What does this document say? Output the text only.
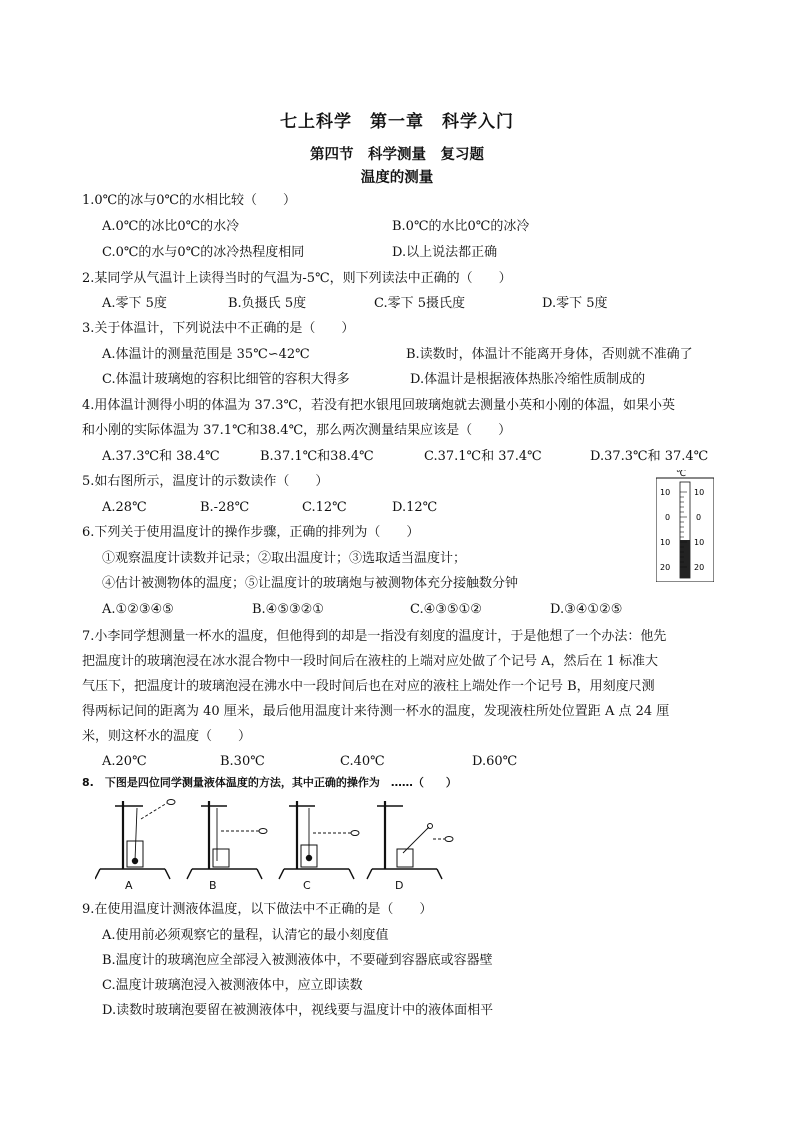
七上科学　第一章　科学入门
第四节　科学测量　复习题
温度的测量
1.0℃的冰与0℃的水相比较（　　）
A.0℃的冰比0℃的水冷	B.0℃的水比0℃的冰冷
C.0℃的水与0℃的冰冷热程度相同	D.以上说法都正确
2.某同学从气温计上读得当时的气温为-5℃，则下列读法中正确的（　　）
A.零下 5度	B.负摄氏 5度	C.零下 5摄氏度	D.零下 5度
3.关于体温计，下列说法中不正确的是（　　）
A.体温计的测量范围是 35℃∽42℃	B.读数时，体温计不能离开身体，否则就不准确了
C.体温计玻璃炮的容积比细管的容积大得多	D.体温计是根据液体热胀冷缩性质制成的
4.用体温计测得小明的体温为 37.3℃，若没有把水银甩回玻璃炮就去测量小英和小刚的体温，如果小英
和小刚的实际体温为 37.1℃和38.4℃，那么两次测量结果应该是（　　）
A.37.3℃和 38.4℃	B.37.1℃和38.4℃	C.37.1℃和 37.4℃	D.37.3℃和 37.4℃
5.如右图所示，温度计的示数读作（　　）
A.28℃	B.-28℃	C.12℃	D.12℃
℃
10
0
10
20
10
0
10
20
6.下列关于使用温度计的操作步骤，正确的排列为（　　）
①观察温度计读数并记录；②取出温度计；③选取适当温度计；
④估计被测物体的温度；⑤让温度计的玻璃炮与被测物体充分接触数分钟
A.①②③④⑤	B.④⑤③②①	C.④③⑤①②	D.③④①②⑤
7.小李同学想测量一杯水的温度，但他得到的却是一指没有刻度的温度计，于是他想了一个办法：他先
把温度计的玻璃泡浸在冰水混合物中一段时间后在液柱的上端对应处做了个记号 A，然后在 1 标准大
气压下，把温度计的玻璃泡浸在沸水中一段时间后也在对应的液柱上端处作一个记号 B，用刻度尺测
得两标记间的距离为 40 厘米，最后他用温度计来待测一杯水的温度，发现液柱所处位置距 A 点 24 厘
米，则这杯水的温度（　　）
A.20℃	B.30℃	C.40℃	D.60℃
8.　下图是四位同学测量液体温度的方法，其中正确的操作为　……（　　）
A	B	C	D
9.在使用温度计测液体温度，以下做法中不正确的是（　　）
A.使用前必须观察它的量程，认清它的最小刻度值
B.温度计的玻璃泡应全部浸入被测液体中，不要碰到容器底或容器壁
C.温度计玻璃泡浸入被测液体中，应立即读数
D.读数时玻璃泡要留在被测液体中，视线要与温度计中的液体面相平
